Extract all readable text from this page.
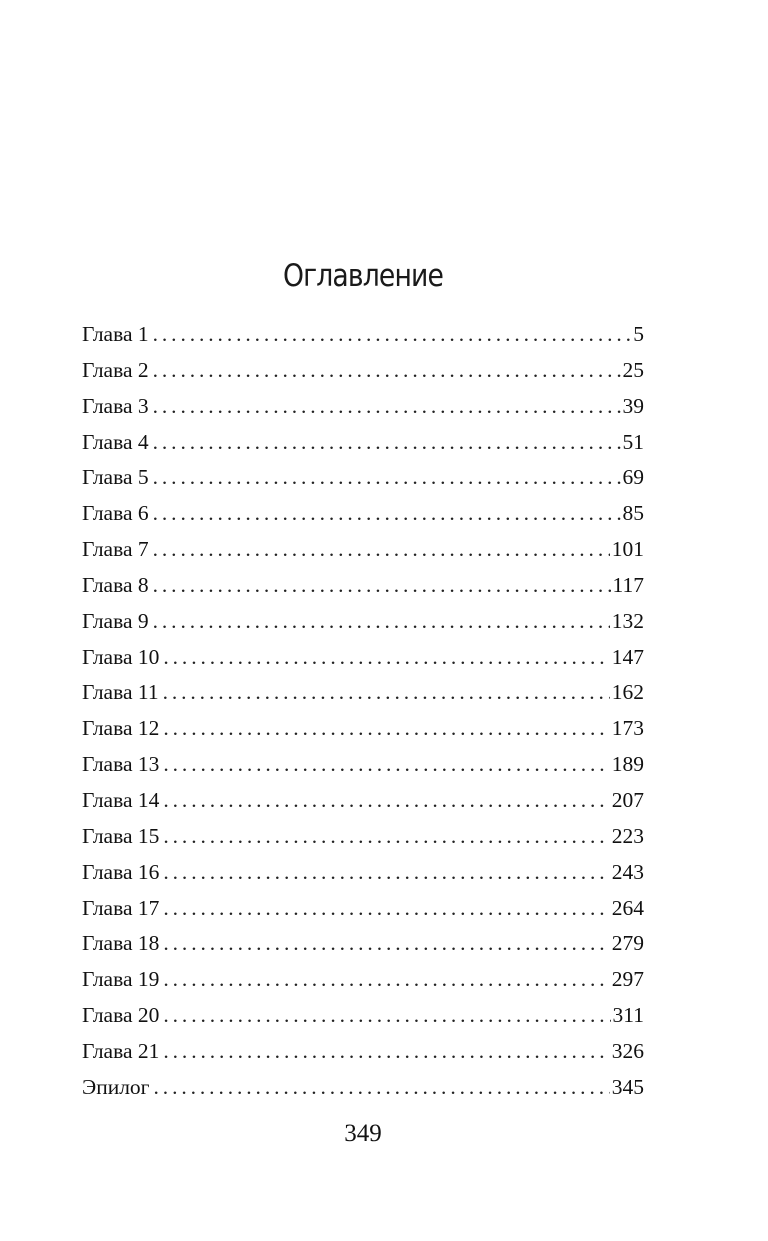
Оглавление
Глава 1 .....	5
Глава 2 .....	25
Глава 3 .....	39
Глава 4 .....	51
Глава 5 .....	69
Глава 6 .....	85
Глава 7 .....	101
Глава 8 .....	117
Глава 9 .....	132
Глава 10 .....	147
Глава 11 .....	162
Глава 12 .....	173
Глава 13 .....	189
Глава 14 .....	207
Глава 15 .....	223
Глава 16 .....	243
Глава 17 .....	264
Глава 18 .....	279
Глава 19 .....	297
Глава 20 .....	311
Глава 21 .....	326
Эпилог .....	345
349
